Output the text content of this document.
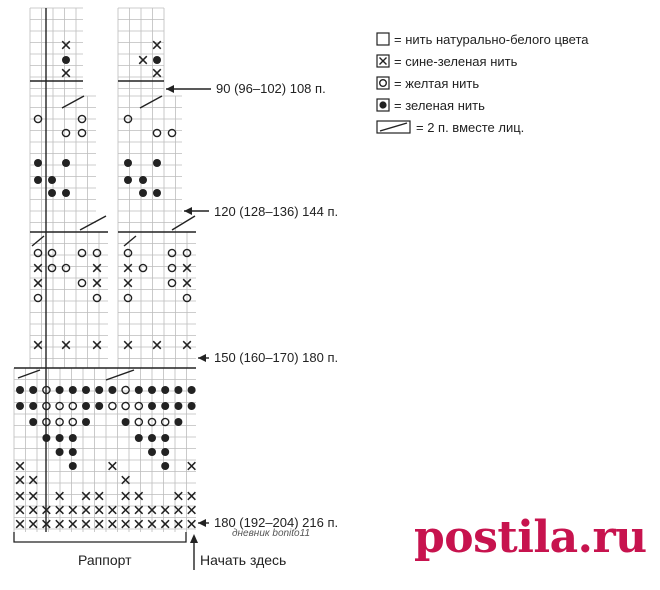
= нить натурально-белого цвета
= сине-зеленая нить
= желтая нить
= зеленая нить
= 2 п. вместе лиц.
90 (96–102) 108 п.
120 (128–136) 144 п.
150 (160–170) 180 п.
180 (192–204) 216 п.
дневник bonito11
Раппорт	Начать здесь	postila.ru
